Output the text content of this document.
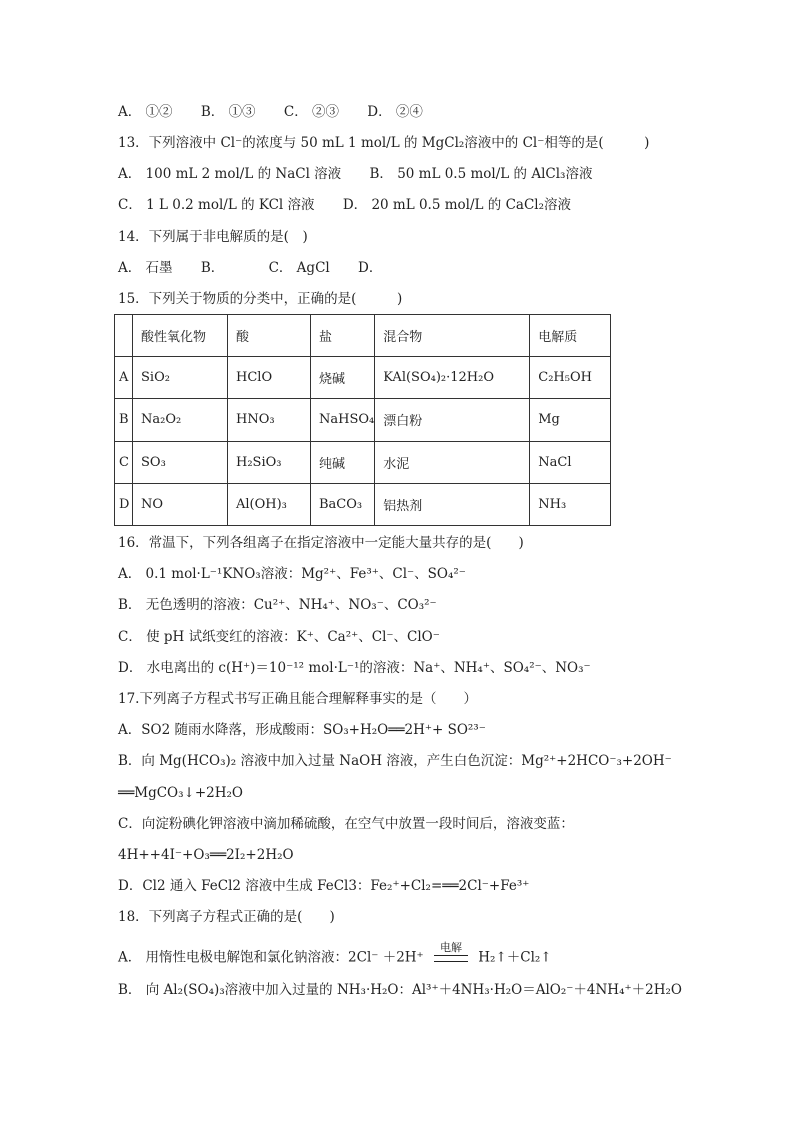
A． ①② B． ①③ C． ②③ D． ②④
13．下列溶液中 Cl⁻的浓度与 50 mL 1 mol/L 的 MgCl₂溶液中的 Cl⁻相等的是(　　　)
A． 100 mL 2 mol/L 的 NaCl 溶液 B． 50 mL 0.5 mol/L 的 AlCl₃溶液
C． 1 L 0.2 mol/L 的 KCl 溶液 D． 20 mL 0.5 mol/L 的 CaCl₂溶液
14．下列属于非电解质的是(　)
A． 石墨 B．	C． AgCl D．
15．下列关于物质的分类中，正确的是(　　　)
	酸性氧化物	酸	盐	混合物	电解质
A	SiO₂	HClO	烧碱	KAl(SO₄)₂·12H₂O	C₂H₅OH
B	Na₂O₂	HNO₃	NaHSO₄	漂白粉	Mg
C	SO₃	H₂SiO₃	纯碱	水泥	NaCl
D	NO	Al(OH)₃	BaCO₃	铝热剂	NH₃
16．常温下，下列各组离子在指定溶液中一定能大量共存的是(　　)
A． 0.1 mol·L⁻¹KNO₃溶液：Mg²⁺、Fe³⁺、Cl⁻、SO₄²⁻
B． 无色透明的溶液：Cu²⁺、NH₄⁺、NO₃⁻、CO₃²⁻
C． 使 pH 试纸变红的溶液：K⁺、Ca²⁺、Cl⁻、ClO⁻
D． 水电离出的 c(H⁺)＝10⁻¹² mol·L⁻¹的溶液：Na⁺、NH₄⁺、SO₄²⁻、NO₃⁻
17.下列离子方程式书写正确且能合理解释事实的是（　　）
A．SO2 随雨水降落，形成酸雨：SO₃+H₂O══2H⁺+ SO²³⁻
B．向 Mg(HCO₃)₂ 溶液中加入过量 NaOH 溶液，产生白色沉淀：Mg²⁺+2HCO⁻₃+2OH⁻
══MgCO₃↓+2H₂O
C．向淀粉碘化钾溶液中滴加稀硫酸，在空气中放置一段时间后，溶液变蓝：
4H++4I⁻+O₃══2I₂+2H₂O
D．Cl2 通入 FeCl2 溶液中生成 FeCl3：Fe₂⁺+Cl₂=══2Cl⁻+Fe³⁺
18．下列离子方程式正确的是(　　)
A． 用惰性电极电解饱和氯化钠溶液：2Cl⁻ ＋2H⁺
电解
H₂↑＋Cl₂↑
B． 向 Al₂(SO₄)₃溶液中加入过量的 NH₃·H₂O：Al³⁺＋4NH₃·H₂O＝AlO₂⁻＋4NH₄⁺＋2H₂O
